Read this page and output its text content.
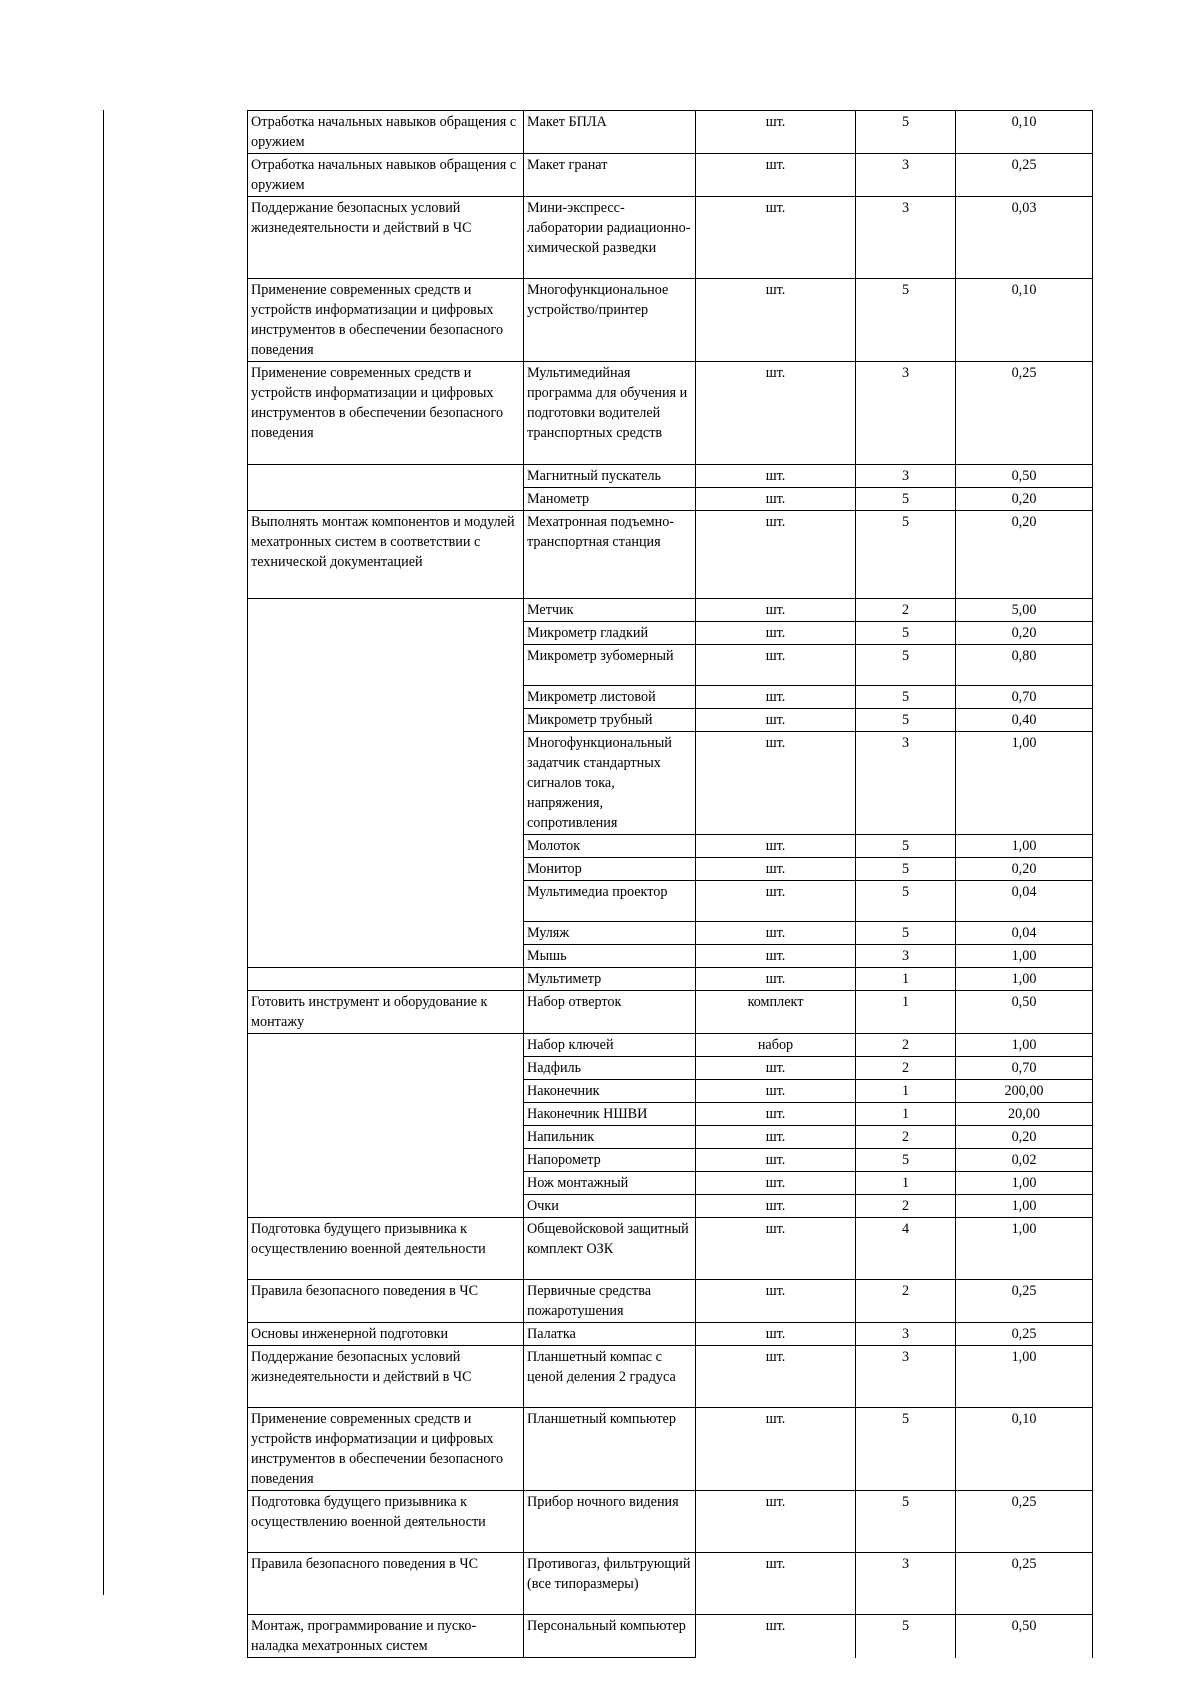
Отработка начальных навыков обращения с оружием	Макет БПЛА	шт.	5	0,10

Отработка начальных навыков обращения с оружием	Макет гранат	шт.	3	0,25

Поддержание безопасных условий жизнедеятельности и действий в ЧС	Мини-экспресс-лаборатории радиационно-химической разведки	шт.	3	0,03

Применение современных средств и устройств информатизации и цифровых инструментов в обеспечении безопасного поведения	Многофункциональное устройство/принтер	шт.	5	0,10

Применение современных средств и устройств информатизации и цифровых инструментов в обеспечении безопасного поведения	Мультимедийная программа для обучения и подготовки водителей транспортных средств	шт.	3	0,25
	Магнитный пускатель	шт.	3	0,50
	Манометр	шт.	5	0,20

Выполнять монтаж компонентов и модулей мехатронных систем в соответствии с технической документацией	Мехатронная подъемно-транспортная станция	шт.	5	0,20
	Метчик	шт.	2	5,00
	Микрометр гладкий	шт.	5	0,20
	Микрометр зубомерный	шт.	5	0,80
	Микрометр листовой	шт.	5	0,70
	Микрометр трубный	шт.	5	0,40

	Многофункциональный задатчик стандартных сигналов тока, напряжения, сопротивления	шт.	3	1,00
	Молоток	шт.	5	1,00
	Монитор	шт.	5	0,20
	Мультимедиа проектор	шт.	5	0,04
	Муляж	шт.	5	0,04
	Мышь	шт.	3	1,00
	Мультиметр	шт.	1	1,00

Готовить инструмент и оборудование к монтажу	Набор отверток	комплект	1	0,50
	Набор ключей	набор	2	1,00
	Надфиль	шт.	2	0,70
	Наконечник	шт.	1	200,00
	Наконечник НШВИ	шт.	1	20,00
	Напильник	шт.	2	0,20
	Напорометр	шт.	5	0,02
	Нож монтажный	шт.	1	1,00
	Очки	шт.	2	1,00

Подготовка будущего призывника к осуществлению военной деятельности	Общевойсковой защитный комплект ОЗК	шт.	4	1,00

Правила безопасного поведения в ЧС	Первичные средства пожаротушения	шт.	2	0,25
Основы инженерной подготовки	Палатка	шт.	3	0,25

Поддержание безопасных условий жизнедеятельности и действий в ЧС	Планшетный компас с ценой деления 2 градуса	шт.	3	1,00

Применение современных средств и устройств информатизации и цифровых инструментов в обеспечении безопасного поведения	Планшетный компьютер	шт.	5	0,10

Подготовка будущего призывника к осуществлению военной деятельности	Прибор ночного видения	шт.	5	0,25

Правила безопасного поведения в ЧС	Противогаз, фильтрующий (все типоразмеры)	шт.	3	0,25

Монтаж, программирование и пуско-наладка мехатронных систем	Персональный компьютер	шт.	5	0,50
